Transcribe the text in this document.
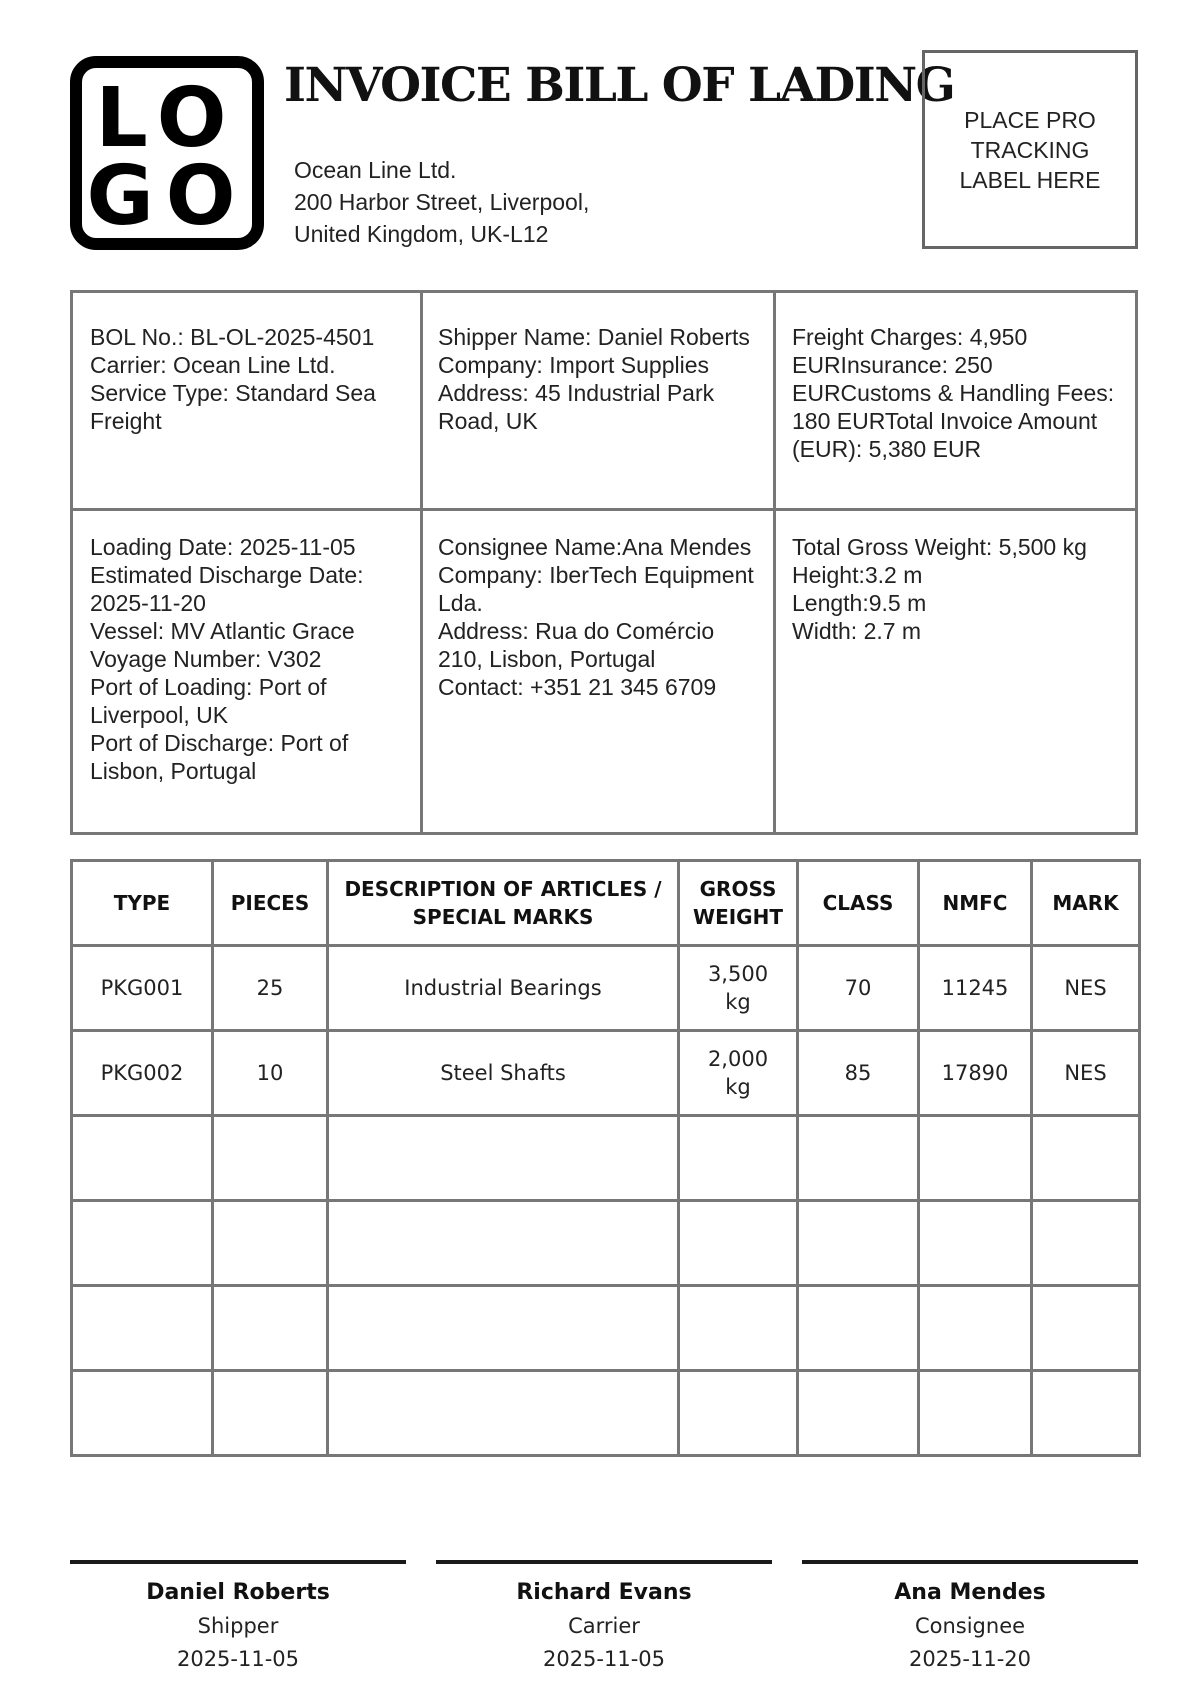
LO
GO
INVOICE BILL OF LADING
Ocean Line Ltd.
200 Harbor Street, Liverpool,
United Kingdom, UK-L12
PLACE PRO
TRACKING
LABEL HERE
BOL No.: BL-OL-2025-4501
Carrier: Ocean Line Ltd.
Service Type: Standard Sea Freight
Shipper Name: Daniel Roberts
Company: Import Supplies
Address: 45 Industrial Park Road, UK
Freight Charges: 4,950 EURInsurance: 250 EURCustoms & Handling Fees: 180 EURTotal Invoice Amount (EUR): 5,380 EUR
Loading Date: 2025-11-05
Estimated Discharge Date: 2025-11-20
Vessel: MV Atlantic Grace
Voyage Number: V302
Port of Loading: Port of Liverpool, UK
Port of Discharge: Port of Lisbon, Portugal
Consignee Name:Ana Mendes
Company: IberTech Equipment Lda.
Address: Rua do Comércio 210, Lisbon, Portugal
Contact: +351 21 345 6709
Total Gross Weight: 5,500 kg
Height:3.2 m
Length:9.5 m
Width: 2.7 m
TYPE	PIECES	DESCRIPTION OF ARTICLES / SPECIAL MARKS	GROSS WEIGHT	CLASS	NMFC	MARK
PKG001	25	Industrial Bearings	3,500 kg	70	11245	NES
PKG002	10	Steel Shafts	2,000 kg	85	17890	NES

Daniel Roberts
Shipper
2025-11-05
Richard Evans
Carrier
2025-11-05
Ana Mendes
Consignee
2025-11-20
